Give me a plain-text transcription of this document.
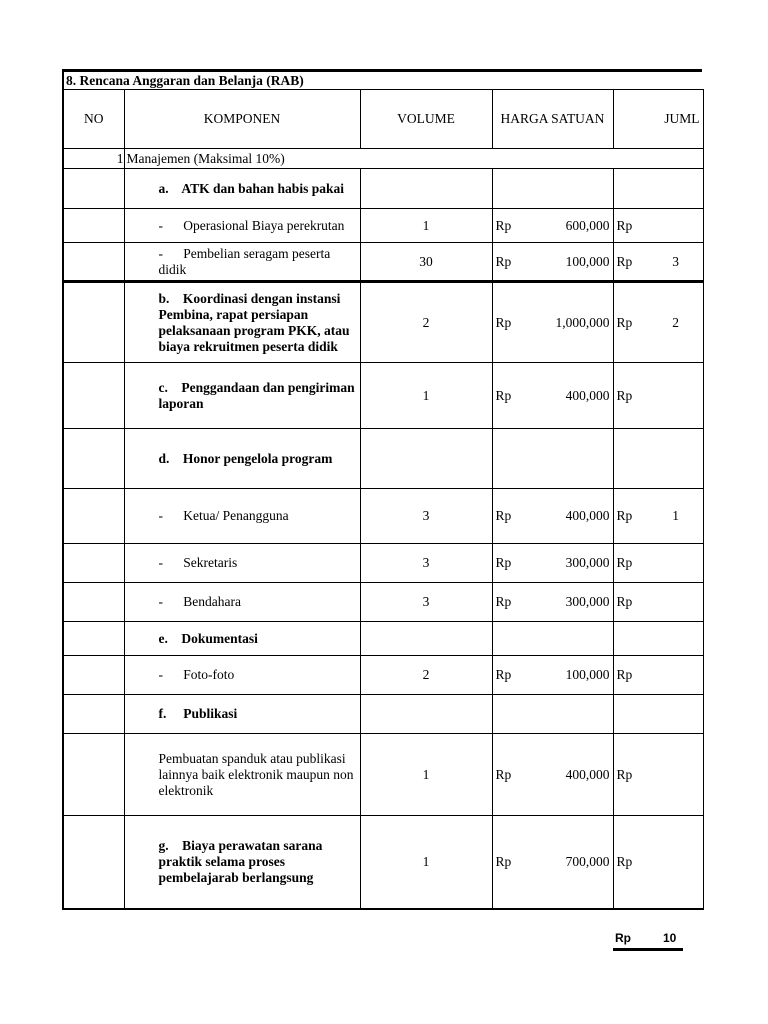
8. Rencana Anggaran dan Belanja (RAB)
NO	KOMPONEN	VOLUME	HARGA SATUAN	JUML
1	Manajemen (Maksimal 10%)			
	a.    ATK dan bahan habis pakai			
	-      Operasional Biaya perekrutan	1	Rp 600,000	Rp
	-      Pembelian seragam peserta didik	30	Rp 100,000	Rp 3
	b.    Koordinasi dengan instansi Pembina, rapat persiapan pelaksanaan program PKK, atau biaya rekruitmen peserta didik	2	Rp 1,000,000	Rp 2
	c.    Penggandaan dan pengiriman laporan	1	Rp 400,000	Rp
	d.    Honor pengelola program			
	-      Ketua/ Penangguna	3	Rp 400,000	Rp 1
	-      Sekretaris	3	Rp 300,000	Rp
	-      Bendahara	3	Rp 300,000	Rp
	e.    Dokumentasi			
	-      Foto-foto	2	Rp 100,000	Rp
	f.     Publikasi			
	Pembuatan spanduk atau publikasi lainnya baik elektronik maupun non elektronik	1	Rp 400,000	Rp
	g.    Biaya perawatan sarana praktik selama proses pembelajarab berlangsung	1	Rp 700,000	Rp
Rp	10
